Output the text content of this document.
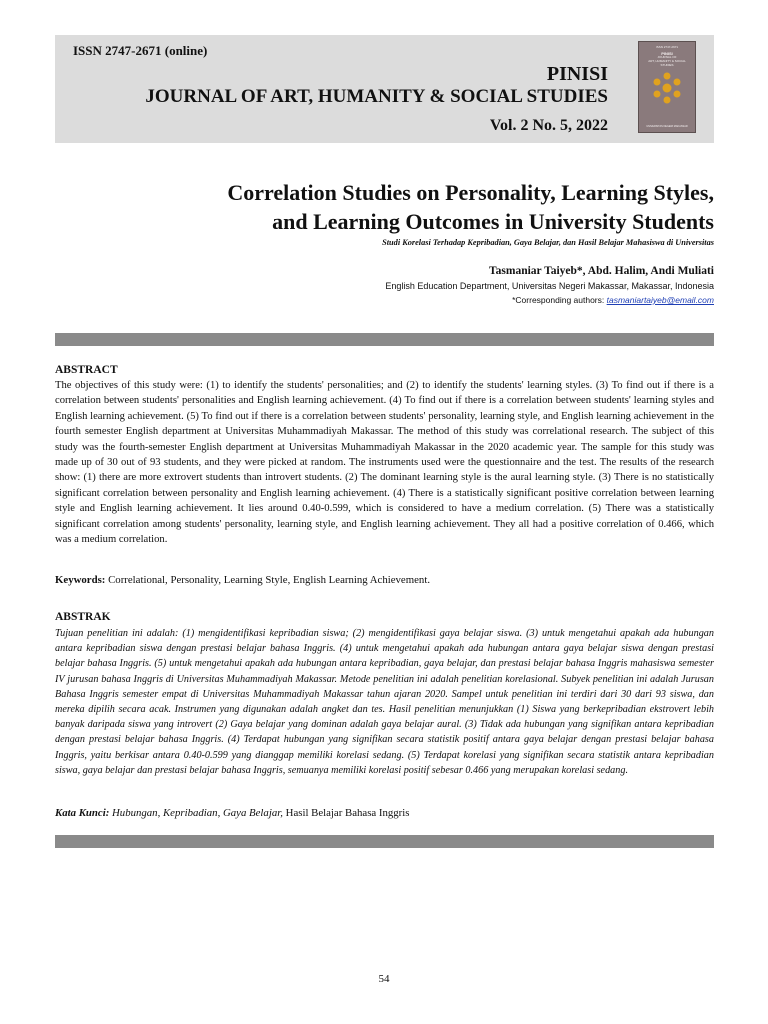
ISSN 2747-2671 (online)
PINISI
JOURNAL OF ART, HUMANITY & SOCIAL STUDIES
Vol. 2 No. 5, 2022
ISSN 2747-2671
PINISI
JOURNAL OF
ART, HUMANITY & SOCIAL
STUDIES
UNIVERSITAS NEGERI MAKASSAR
Correlation Studies on Personality, Learning Styles,
and Learning Outcomes in University Students
Studi Korelasi Terhadap Kepribadian, Gaya Belajar, dan Hasil Belajar Mahasiswa di Universitas
Tasmaniar Taiyeb*, Abd. Halim, Andi Muliati
English Education Department, Universitas Negeri Makassar, Makassar, Indonesia
*Corresponding authors: tasmaniartaiyeb@email.com
ABSTRACT
The objectives of this study were: (1) to identify the students' personalities; and (2) to identify the students' learning styles. (3) To find out if there is a correlation between students' personalities and English learning achievement. (4) To find out if there is a correlation between students' learning styles and English learning achievement. (5) To find out if there is a correlation between students' personality, learning style, and English learning achievement in the fourth semester English department at Universitas Muhammadiyah Makassar. The method of this study was correlational research. The subject of this study was the fourth-semester English department at Universitas Muhammadiyah Makassar in the 2020 academic year. The sample for this study was made up of 30 out of 93 students, and they were picked at random. The instruments used were the questionnaire and the test. The results of the research show: (1) there are more extrovert students than introvert students. (2) The dominant learning style is the aural learning style. (3) There is no statistically significant correlation between personality and English learning achievement. (4) There is a statistically significant positive correlation between learning style and English learning achievement. It lies around 0.40-0.599, which is considered to have a medium correlation. (5) There was a statistically significant correlation among students' personality, learning style, and English learning achievement. They all had a positive correlation of 0.466, which was a medium correlation.
Keywords: Correlational, Personality, Learning Style, English Learning Achievement.
ABSTRAK
Tujuan penelitian ini adalah: (1) mengidentifikasi kepribadian siswa; (2) mengidentifikasi gaya belajar siswa. (3) untuk mengetahui apakah ada hubungan antara kepribadian siswa dengan prestasi belajar bahasa Inggris. (4) untuk mengetahui apakah ada hubungan antara gaya belajar siswa dengan prestasi belajar bahasa Inggris. (5) untuk mengetahui apakah ada hubungan antara kepribadian, gaya belajar, dan prestasi belajar bahasa Inggris mahasiswa semester IV jurusan bahasa Inggris di Universitas Muhammadiyah Makassar. Metode penelitian ini adalah penelitian korelasional. Subyek penelitian ini adalah Jurusan Bahasa Inggris semester empat di Universitas Muhammadiyah Makassar tahun ajaran 2020. Sampel untuk penelitian ini terdiri dari 30 dari 93 siswa, dan mereka dipilih secara acak. Instrumen yang digunakan adalah angket dan tes. Hasil penelitian menunjukkan (1) Siswa yang berkepribadian ekstrovert lebih banyak daripada siswa yang introvert (2) Gaya belajar yang dominan adalah gaya belajar aural. (3) Tidak ada hubungan yang signifikan antara kepribadian dengan prestasi belajar bahasa Inggris. (4) Terdapat hubungan yang signifikan secara statistik positif antara gaya belajar dengan prestasi belajar bahasa Inggris, yaitu berkisar antara 0.40-0.599 yang dianggap memiliki korelasi sedang. (5) Terdapat korelasi yang signifikan secara statistik antara kepribadian siswa, gaya belajar dan prestasi belajar bahasa Inggris, semuanya memiliki korelasi positif sebesar 0.466 yang merupakan korelasi sedang.
Kata Kunci: Hubungan, Kepribadian, Gaya Belajar, Hasil Belajar Bahasa Inggris
54
